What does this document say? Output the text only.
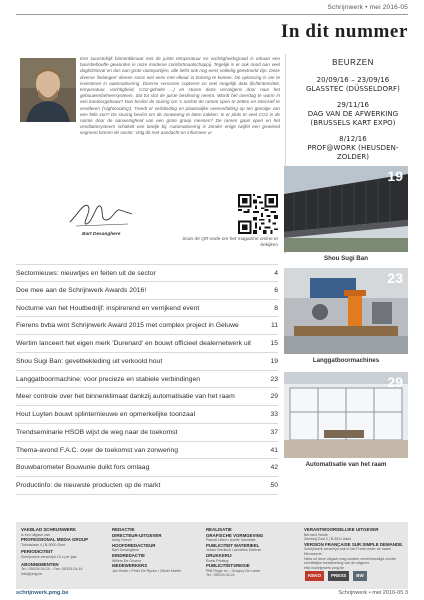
Schrijnwerk • mei 2016-05
In dit nummer

Een zuurstofrijk binnenklimaat met de juiste temperatuur en vochtigheidsgraad is erkaan een basisbehoefte geworden in onze moderne comfortmaatschappij. Tegelijk is er ook nood aan veel daglichtinval en dus aan grote raampartijen, alle liefst ook nog eens volledig geëxtroeld zijn. Deze diverse 'belangen' dienen soms wel eens met elkaar in botsing te komen. De oplossing is om te investeren in automatisering. Diverse sensoren copteren zo veel mogelijk data (lichtintensiteit, temperatuur, vochtigheid, CO2-gehalte ...) en sturen deze vervolgens door naar het gebouwenbeheersysteem, dat tot slot de juiste beslissing neemt. Wordt het overdag te warm in een kantoorgebouw? Dan beslist de sturing om 's nachts de ramen open te zetten en intensief te ventileren ('nightcooling'). Treedt er verblinding en plaatselijke oververhitting op ten gevolge van een felle zon? De sturing beslist om de zonwering te laten zakken. Is er plots te veel CO2 in de ruimte door de aanwezigheid van een grote groep mensen? De ramen gaan open en het ventilatiesysteem schakelt een tandje bij. Automatisering is zonder enige twijfel een groeiend segment binnen de sector. Volg dit met aandacht en informeer u!

Bart Desanghere
Scan de QR-code om het magazine online te bekijken
BEURZEN
20/09/16 – 23/09/16
GLASSTEC (DÜSSELDORF)
29/11/16
DAG VAN DE AFWERKING (BRUSSELS KART EXPO)
8/12/16
PROF@WORK (HEUSDEN-ZOLDER)
Sectornieuws: nieuwtjes en feiten uit de sector	4
Doe mee aan de Schrijnwerk Awards 2016!	6
Nocturne van het Houtbedrijf: inspirerend en verrijkend event	8
Fierens bvba wint Schrijnwerk Award 2015 met complex project in Geluwe	11
Wertim lanceert het eigen merk 'Durenard' en bouwt officieel dealernetwerk uit	15
Shou Sugi Ban: gevelbekleding uit verkoold hout	19
Langgatboormachine: voor precieze en stabiele verbindingen	23
Meer controle over het binnenklimaat dankzij automatisatie van het raam	29
Hout Luyten bouwt splinternieuwe en opmerkelijke toonzaal	33
Trendseminarie HSOB wijst de weg naar de toekomst	37
Thema-avond F.A.C. over de toekomst van zonwering	41
Bouwbarometer Bouwunie duikt fors omlaag	42
Productinfo: de nieuwste producten op de markt	50
19
Shou Sugi Ban
23
Langgatboormachines
29
Automatisatie van het raam
VAKBLAD SCHRIJNWERK
is een uitgave van
PROFESSIONAL MEDIA GROUP
Tolhuislaan 4 | B-9000 Gent
PERIODICITEIT
Schrijnwerk verschijnt 10 x per jaar
ABONNEMENTEN
Tel.: 050/24.04.24 – Fax: 050/24.04.44
info@pmg.be
REDACTIE
DIRECTEUR-UITGEVER
Andy Hoeve
HOOFDREDACTEUR
Bart Desanghere
EINDREDACTIE
Willem De Groeve
MEDEWERKERS
Jan Hoste • Peter De Rycke • Olivier Martin
REALISATIE
GRAFISCHE VORMGEVING
Pascal Libert • Axelle Vanneste
PUBLICITEIT MATERIEEL
Johan Teerlinck • Annelies Debruin
DRUKKERIJ
Roels Printing
PUBLICITEITSREGIE
PMI Regie nv – Gregory De Lame
Tel.: 050/24.04.24
VERANTWOORDELIJKE UITGEVER
Bernard Vande
Zeeweg Zuid 3 | B-3511 Aalst
VERSION FRANÇAISE SUR SIMPLE DEMANDE.
Schrijnwerk verschijnt ook in het Frans onder de naam Menuiserie.
Niets uit deze uitgave mag worden verveelvoudigd zonder schriftelijke toestemming van de uitgever.
http://schrijnwerk.pmg.be
KEKO	PRESS	BW
schrijnwerk.pmg.be	Schrijnwerk • mei 2016-05 3
